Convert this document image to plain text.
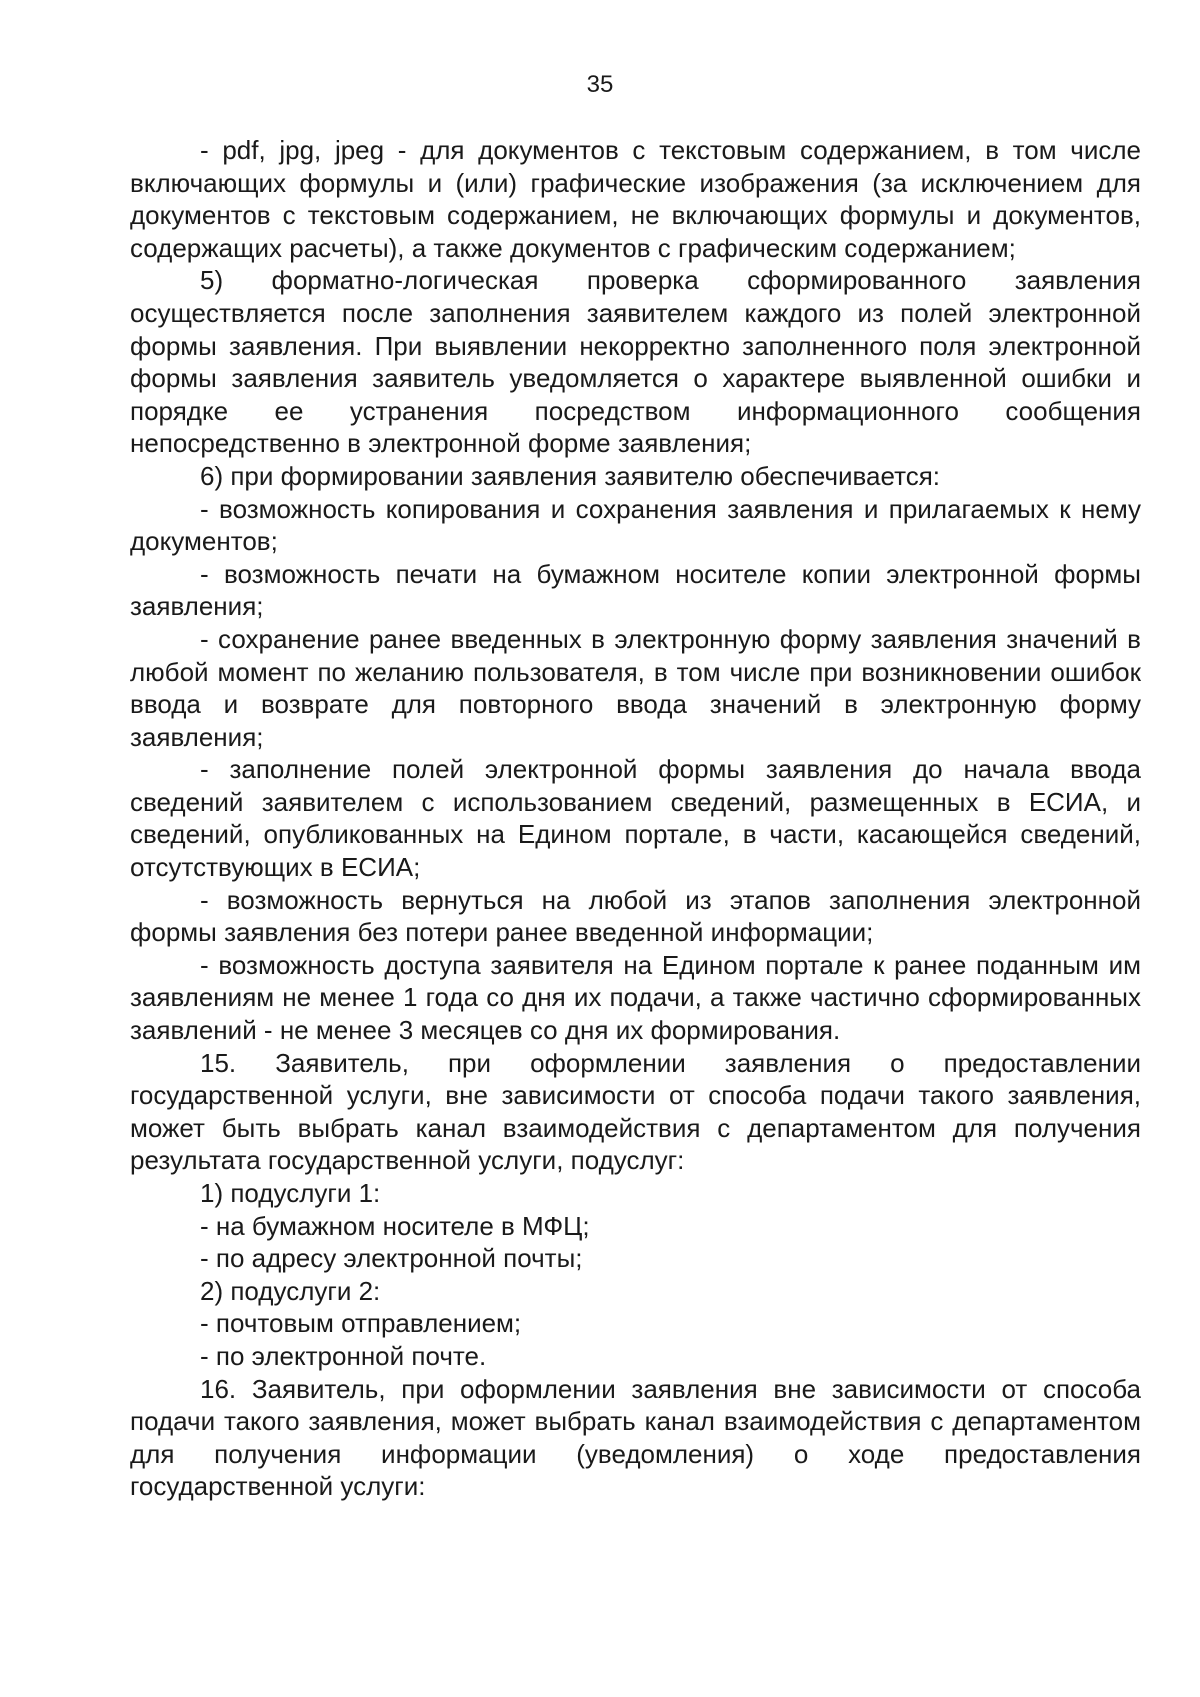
35

- pdf, jpg, jpeg - для документов с текстовым содержанием, в том числе включающих формулы и (или) графические изображения (за исключением для документов с текстовым содержанием, не включающих формулы и документов, содержащих расчеты), а также документов с графическим содержанием;

5) форматно-логическая проверка сформированного заявления осуществляется после заполнения заявителем каждого из полей электронной формы заявления. При выявлении некорректно заполненного поля электронной формы заявления заявитель уведомляется о характере выявленной ошибки и порядке ее устранения посредством информационного сообщения непосредственно в электронной форме заявления;

6) при формировании заявления заявителю обеспечивается:

- возможность копирования и сохранения заявления и прилагаемых к нему документов;

- возможность печати на бумажном носителе копии электронной формы заявления;

- сохранение ранее введенных в электронную форму заявления значений в любой момент по желанию пользователя, в том числе при возникновении ошибок ввода и возврате для повторного ввода значений в электронную форму заявления;

- заполнение полей электронной формы заявления до начала ввода сведений заявителем с использованием сведений, размещенных в ЕСИА, и сведений, опубликованных на Едином портале, в части, касающейся сведений, отсутствующих в ЕСИА;

- возможность вернуться на любой из этапов заполнения электронной формы заявления без потери ранее введенной информации;

- возможность доступа заявителя на Едином портале к ранее поданным им заявлениям не менее 1 года со дня их подачи, а также частично сформированных заявлений - не менее 3 месяцев со дня их формирования.

15. Заявитель, при оформлении заявления о предоставлении государственной услуги, вне зависимости от способа подачи такого заявления, может быть выбрать канал взаимодействия с департаментом для получения результата государственной услуги, подуслуг:

1) подуслуги 1:

- на бумажном носителе в МФЦ;

- по адресу электронной почты;

2) подуслуги 2:

- почтовым отправлением;

- по электронной почте.

16. Заявитель, при оформлении заявления вне зависимости от способа подачи такого заявления, может выбрать канал взаимодействия с департаментом для получения информации (уведомления) о ходе предоставления государственной услуги:
